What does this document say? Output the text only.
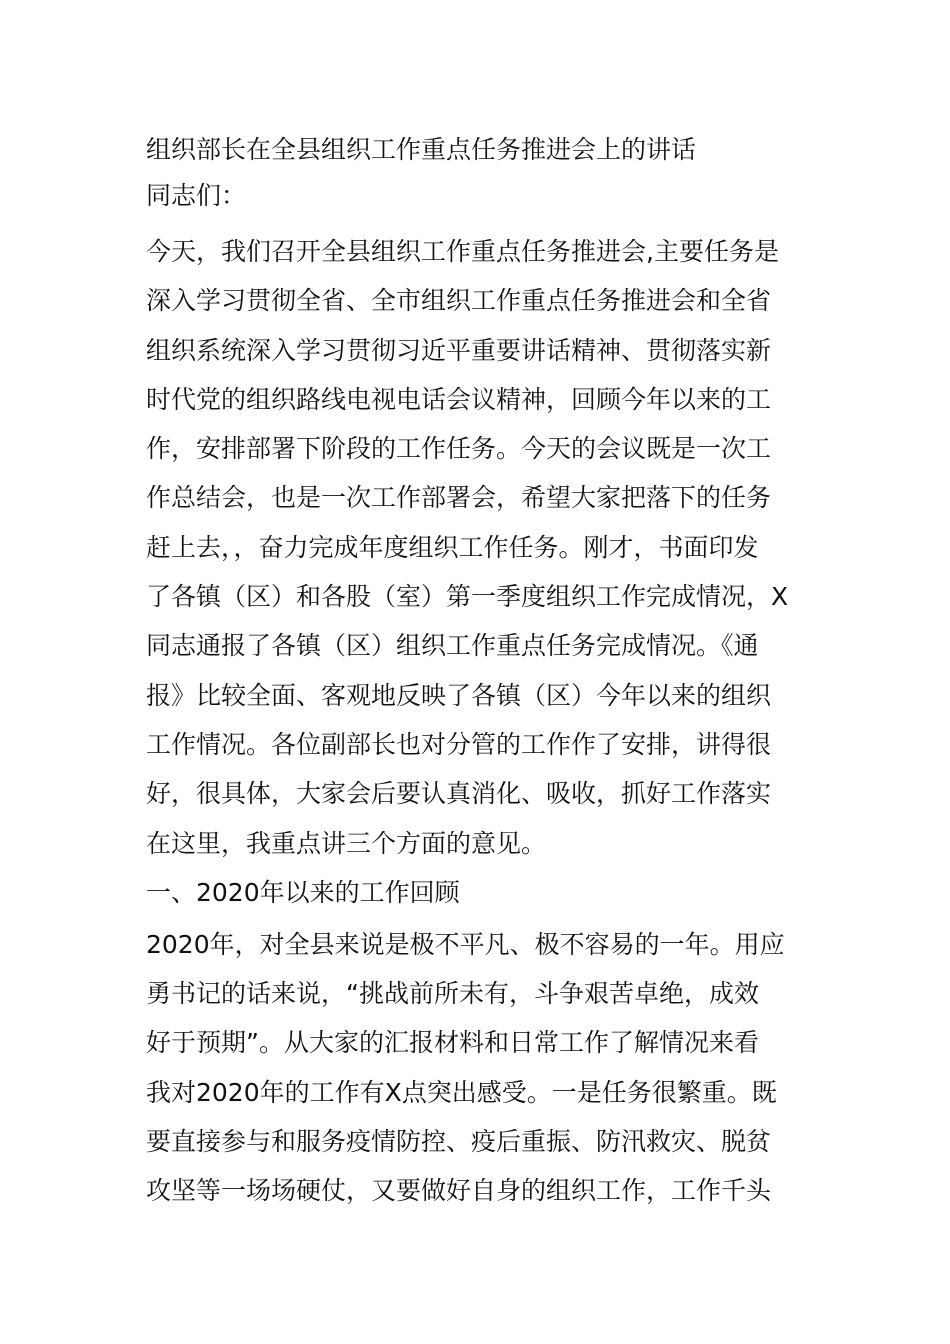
组织部长在全县组织工作重点任务推进会上的讲话
同志们：
今天，我们召开全县组织工作重点任务推进会,主要任务是
深入学习贯彻全省、全市组织工作重点任务推进会和全省
组织系统深入学习贯彻习近平重要讲话精神、贯彻落实新
时代党的组织路线电视电话会议精神，回顾今年以来的工
作，安排部署下阶段的工作任务。今天的会议既是一次工
作总结会，也是一次工作部署会，希望大家把落下的任务
赶上去，，奋力完成年度组织工作任务。刚才，书面印发
了各镇（区）和各股（室）第一季度组织工作完成情况，X
同志通报了各镇（区）组织工作重点任务完成情况。《通
报》比较全面、客观地反映了各镇（区）今年以来的组织
工作情况。各位副部长也对分管的工作作了安排，讲得很
好，很具体，大家会后要认真消化、吸收，抓好工作落实
在这里，我重点讲三个方面的意见。
一、2020年以来的工作回顾
2020年，对全县来说是极不平凡、极不容易的一年。用应
勇书记的话来说，“挑战前所未有，斗争艰苦卓绝，成效
好于预期”。从大家的汇报材料和日常工作了解情况来看
我对2020年的工作有X点突出感受。一是任务很繁重。既
要直接参与和服务疫情防控、疫后重振、防汛救灾、脱贫
攻坚等一场场硬仗，又要做好自身的组织工作，工作千头
